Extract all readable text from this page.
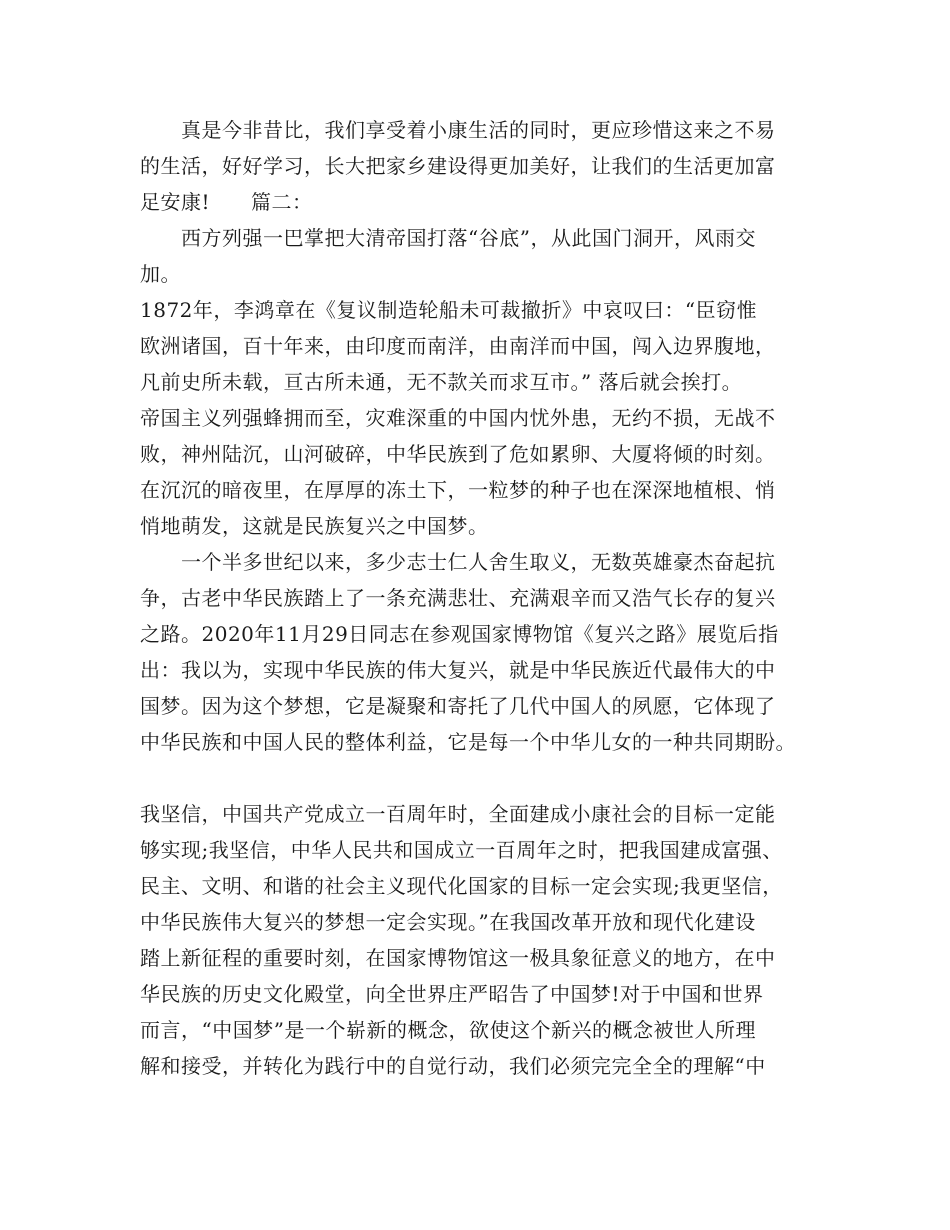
　　真是今非昔比，我们享受着小康生活的同时，更应珍惜这来之不易
的生活，好好学习，长大把家乡建设得更加美好，让我们的生活更加富
足安康!　　篇二：
　　西方列强一巴掌把大清帝国打落“谷底”，从此国门洞开，风雨交
加。
1872年，李鸿章在《复议制造轮船未可裁撤折》中哀叹曰：“臣窃惟
欧洲诸国，百十年来，由印度而南洋，由南洋而中国，闯入边界腹地，
凡前史所未载，亘古所未通，无不款关而求互市。” 落后就会挨打。
帝国主义列强蜂拥而至，灾难深重的中国内忧外患，无约不损，无战不
败，神州陆沉，山河破碎，中华民族到了危如累卵、大厦将倾的时刻。
在沉沉的暗夜里，在厚厚的冻土下，一粒梦的种子也在深深地植根、悄
悄地萌发，这就是民族复兴之中国梦。
　　一个半多世纪以来，多少志士仁人舍生取义，无数英雄豪杰奋起抗
争，古老中华民族踏上了一条充满悲壮、充满艰辛而又浩气长存的复兴
之路。2020年11月29日同志在参观国家博物馆《复兴之路》展览后指
出：我以为，实现中华民族的伟大复兴，就是中华民族近代最伟大的中
国梦。因为这个梦想，它是凝聚和寄托了几代中国人的夙愿，它体现了
中华民族和中国人民的整体利益，它是每一个中华儿女的一种共同期盼。
我坚信，中国共产党成立一百周年时，全面建成小康社会的目标一定能
够实现;我坚信，中华人民共和国成立一百周年之时，把我国建成富强、
民主、文明、和谐的社会主义现代化国家的目标一定会实现;我更坚信，
中华民族伟大复兴的梦想一定会实现。”在我国改革开放和现代化建设
踏上新征程的重要时刻，在国家博物馆这一极具象征意义的地方，在中
华民族的历史文化殿堂，向全世界庄严昭告了中国梦!对于中国和世界
而言，“中国梦”是一个崭新的概念，欲使这个新兴的概念被世人所理
解和接受，并转化为践行中的自觉行动，我们必须完完全全的理解“中
